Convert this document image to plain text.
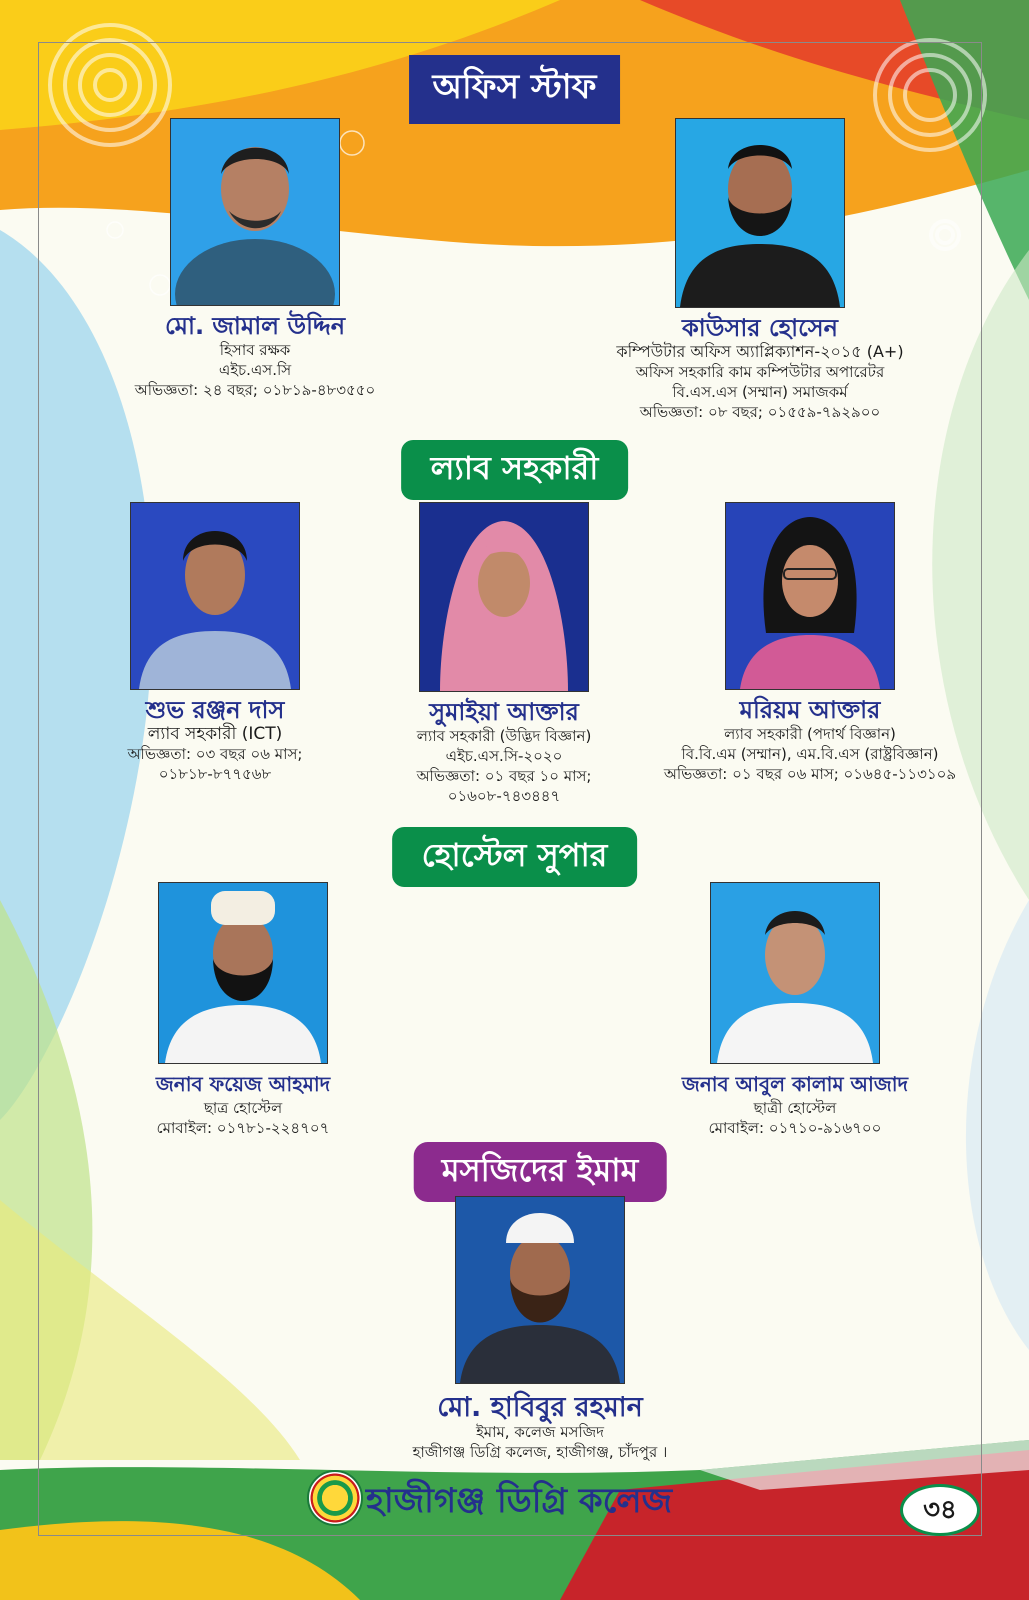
অফিস স্টাফ
মো. জামাল উদ্দিন
হিসাব রক্ষক
এইচ.এস.সি
অভিজ্ঞতা: ২৪ বছর; ০১৮১৯-৪৮৩৫৫০
কাউসার হোসেন
কম্পিউটার অফিস অ্যাপ্লিক্যাশন-২০১৫ (A+)
অফিস সহকারি কাম কম্পিউটার অপারেটর
বি.এস.এস (সম্মান) সমাজকর্ম
অভিজ্ঞতা: ০৮ বছর; ০১৫৫৯-৭৯২৯০০
ল্যাব সহকারী
শুভ রঞ্জন দাস
ল্যাব সহকারী (ICT)
অভিজ্ঞতা: ০৩ বছর ০৬ মাস;
০১৮১৮-৮৭৭৫৬৮
সুমাইয়া আক্তার
ল্যাব সহকারী (উদ্ভিদ বিজ্ঞান)
এইচ.এস.সি-২০২০
অভিজ্ঞতা: ০১ বছর ১০ মাস;
০১৬০৮-৭৪৩৪৪৭
মরিয়ম আক্তার
ল্যাব সহকারী (পদার্থ বিজ্ঞান)
বি.বি.এম (সম্মান), এম.বি.এস (রাষ্ট্রবিজ্ঞান)
অভিজ্ঞতা: ০১ বছর ০৬ মাস; ০১৬৪৫-১১৩১০৯
হোস্টেল সুপার
জনাব ফয়েজ আহমাদ
ছাত্র হোস্টেল
মোবাইল: ০১৭৮১-২২৪৭০৭
জনাব আবুল কালাম আজাদ
ছাত্রী হোস্টেল
মোবাইল: ০১৭১০-৯১৬৭০০
মসজিদের ইমাম
মো. হাবিবুর রহমান
ইমাম, কলেজ মসজিদ
হাজীগঞ্জ ডিগ্রি কলেজ, হাজীগঞ্জ, চাঁদপুর ।
হাজীগঞ্জ ডিগ্রি কলেজ	৩৪
